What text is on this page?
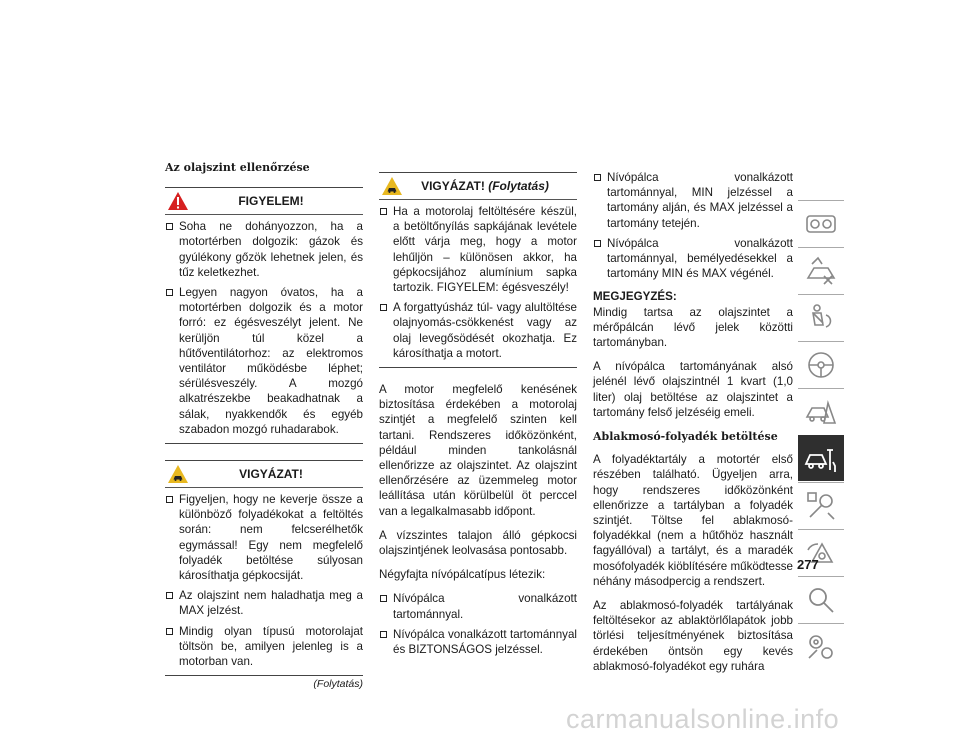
Az olajszint ellenőrzése
FIGYELEM!
Soha ne dohányozzon, ha a motortérben dolgozik: gázok és gyúlékony gőzök lehetnek jelen, és tűz keletkezhet.
Legyen nagyon óvatos, ha a motortérben dolgozik és a motor forró: ez égésveszélyt jelent. Ne kerüljön túl közel a hűtőventilátorhoz: az elektromos ventilátor működésbe léphet; sérülésveszély. A mozgó alkatrészekbe beakadhatnak a sálak, nyakkendők és egyéb szabadon mozgó ruhadarabok.
VIGYÁZAT!
Figyeljen, hogy ne keverje össze a különböző folyadékokat a feltöltés során: nem felcserélhetők egymással! Egy nem megfelelő folyadék betöltése súlyosan károsíthatja gépkocsiját.
Az olajszint nem haladhatja meg a MAX jelzést.
Mindig olyan típusú motorolajat töltsön be, amilyen jelenleg is a motorban van.
(Folytatás)
VIGYÁZAT! (Folytatás)
Ha a motorolaj feltöltésére készül, a betöltőnyílás sapkájának levétele előtt várja meg, hogy a motor lehűljön – különösen akkor, ha gépkocsijához alumínium sapka tartozik. FIGYELEM: égésveszély!
A forgattyúsház túl- vagy alultöltése olajnyomás-csökkenést vagy az olaj levegősödését okozhatja. Ez károsíthatja a motort.

A motor megfelelő kenésének biztosítása érdekében a motorolaj szintjét a megfelelő szinten kell tartani. Rendszeres időközönként, például minden tankolásnál ellenőrizze az olajszintet. Az olajszint ellenőrzésére az üzemmeleg motor leállítása után körülbelül öt perccel van a legalkalmasabb időpont.

A vízszintes talajon álló gépkocsi olajszintjének leolvasása pontosabb.

Négyfajta nívópálcatípus létezik:

Nívópálca vonalkázott tartománnyal.
Nívópálca vonalkázott tartománnyal és BIZTONSÁGOS jelzéssel.
Nívópálca vonalkázott tartománnyal, MIN jelzéssel a tartomány alján, és MAX jelzéssel a tartomány tetején.
Nívópálca vonalkázott tartománnyal, bemélyedésekkel a tartomány MIN és MAX végénél.

MEGJEGYZÉS:

Mindig tartsa az olajszintet a mérőpálcán lévő jelek közötti tartományban.

A nívópálca tartományának alsó jelénél lévő olajszintnél 1 kvart (1,0 liter) olaj betöltése az olajszintet a tartomány felső jelzéséig emeli.

Ablakmosó-folyadék betöltése

A folyadéktartály a motortér első részében található. Ügyeljen arra, hogy rendszeres időközönként ellenőrizze a tartályban a folyadék szintjét. Töltse fel ablakmosó-folyadékkal (nem a hűtőhöz használt fagyállóval) a tartályt, és a maradék mosófolyadék kiöblítésére működtesse néhány másodpercig a rendszert.

Az ablakmosó-folyadék tartályának feltöltésekor az ablaktörlőlapátok jobb törlési teljesítményének biztosítása érdekében öntsön egy kevés ablakmosó-folyadékot egy ruhára

277
carmanualsonline.info
